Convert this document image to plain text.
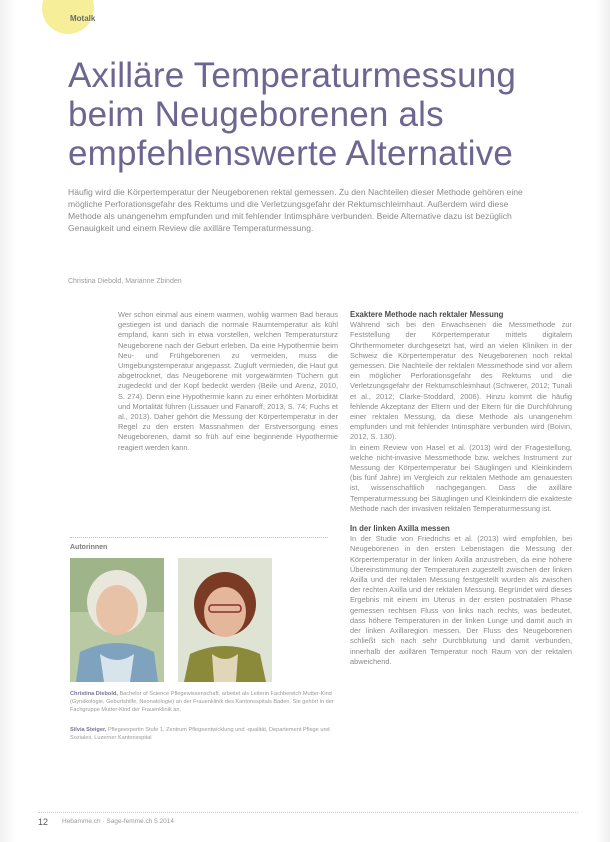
Motalk
Axilläre Temperaturmessung
beim Neugeborenen als
empfehlenswerte Alternative
Häufig wird die Körpertemperatur der Neugeborenen rektal gemessen. Zu den Nachteilen dieser Methode gehören eine mögliche Perforationsgefahr des Rektums und die Verletzungsgefahr der Rektumschleimhaut. Außerdem wird diese Methode als unangenehm empfunden und mit fehlender Intimsphäre verbunden. Beide Alternative dazu ist bezüglich Genauigkeit und einem Review die axilläre Temperaturmessung.
Christina Diebold, Marianne Zbinden

Wer schon einmal aus einem warmen, wohlig warmen Bad heraus gestiegen ist und danach die normale Raumtemperatur als kühl empfand, kann sich in etwa vorstellen, welchen Temperatursturz Neugeborene nach der Geburt erleben. Da eine Hypothermie beim Neu- und Frühgeborenen zu vermeiden, muss die Umgebungstemperatur angepasst. Zugluft vermieden, die Haut gut abgetrocknet, das Neugeborene mit vorgewärmten Tüchern gut zugedeckt und der Kopf bedeckt werden (Beile und Arenz, 2010, S. 274). Denn eine Hypothermie kann zu einer erhöhten Morbidität und Mortalität führen (Lissauer und Fanaroff, 2013, S. 74; Fuchs et al., 2013). Daher gehört die Messung der Körpertemperatur in der Regel zu den ersten Massnahmen der Erstversorgung eines Neugeborenen, damit so früh auf eine beginnende Hypothermie reagiert werden kann.

Exaktere Methode nach rektaler Messung

Während sich bei den Erwachsenen die Messmethode zur Feststellung der Körpertemperatur mittels digitalem Ohrthermometer durchgesetzt hat, wird an vielen Kliniken in der Schweiz die Körpertemperatur des Neugeborenen noch rektal gemessen. Die Nachteile der rektalen Messmethode sind vor allem ein möglicher Perforationsgefahr des Rektums und die Verletzungsgefahr der Rektumschleimhaut (Schwerer, 2012; Tunali et al., 2012; Clarke-Stoddard, 2006). Hinzu kommt die häufig fehlende Akzeptanz der Eltern und der Eltern für die Durchführung einer rektalen Messung, da diese Methode als unangenehm empfunden und mit fehlender Intimsphäre verbunden wird (Boivin, 2012, S. 130).

In einem Review von Hasel et al. (2013) wird der Fragestellung, welche nicht-invasive Messmethode bzw. welches Instrument zur Messung der Körpertemperatur bei Säuglingen und Kleinkindern (bis fünf Jahre) im Vergleich zur rektalen Methode am genauesten ist, wissenschaftlich nachgegangen. Dass die axilläre Temperaturmessung bei Säuglingen und Kleinkindern die exakteste Methode nach der invasiven rektalen Temperaturmessung ist.

In der linken Axilla messen

In der Studie von Friedrichs et al. (2013) wird empfohlen, bei Neugeborenen in den ersten Lebenstagen die Messung der Körpertemperatur in der linken Axilla anzustreben, da eine höhere Übereinstimmung der Temperaturen zugestellt zwischen der linken Axilla und der rektalen Messung festgestellt wurden als zwischen der rechten Axilla und der rektalen Messung. Begründet wird dieses Ergebnis mit einem im Uterus in der ersten postnatalen Phase gemessen rechtsen Fluss von links nach rechts, was bedeutet, dass höhere Temperaturen in der linken Lunge und damit auch in der linken Axillaregion messen. Der Fluss des Neugeborenen schließt sich nach sehr Durchblutung und damit verbunden, innerhalb der axillären Temperatur noch Raum von der rektalen abweichend.

Autorinnen
Christina Diebold, Bachelor of Science Pflegewissenschaft, arbeitet als Leiterin Fachbereich Mutter-Kind (Gynäkologie, Geburtshilfe, Neonatologie) an der Frauenklinik des Kantonsspitals Baden. Sie gehört in der Fachgruppe Mutter-Kind der Frauenklinik an.
Silvia Steiger, Pflegeexpertin Stufe 1, Zentrum Pflegeentwicklung und -qualität, Departement Pflege und Soziales, Luzerner Kantonsspital
12 Hebamme.ch · Sage-femme.ch 5 2014
